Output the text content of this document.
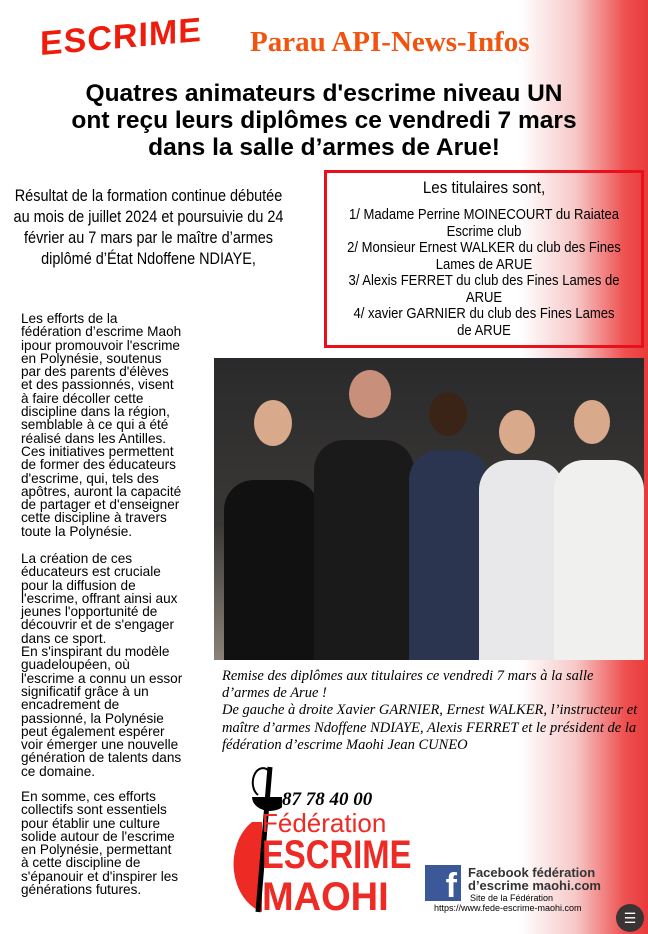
ESCRIME Parau API-News-Infos
Quatres animateurs d'escrime niveau UN
ont reçu leurs diplômes ce vendredi 7 mars
dans la salle d’armes de Arue!
Résultat de la formation continue débutée
au mois de juillet 2024 et poursuivie du 24
février au 7 mars par le maître d’armes
diplômé d’État Ndoffene NDIAYE,
Les titulaires sont,
1/ Madame Perrine MOINECOURT du Raiatea
Escrime club
2/ Monsieur Ernest WALKER du club des Fines
Lames de ARUE
3/ Alexis FERRET du club des Fines Lames de
ARUE
4/ xavier GARNIER du club des Fines Lames
de ARUE
Les efforts de la
fédération d’escrime Maoh
ipour promouvoir l'escrime
en Polynésie, soutenus
par des parents d'élèves
et des passionnés, visent
à faire décoller cette
discipline dans la région,
semblable à ce qui a été
réalisé dans les Antilles.
Ces initiatives permettent
de former des éducateurs
d'escrime, qui, tels des
apôtres, auront la capacité
de partager et d'enseigner
cette discipline à travers
toute la Polynésie.
La création de ces
éducateurs est cruciale
pour la diffusion de
l'escrime, offrant ainsi aux
jeunes l'opportunité de
découvrir et de s'engager
dans ce sport.
En s'inspirant du modèle
guadeloupéen, où
l'escrime a connu un essor
significatif grâce à un
encadrement de
passionné, la Polynésie
peut également espérer
voir émerger une nouvelle
génération de talents dans
ce domaine.
En somme, ces efforts
collectifs sont essentiels
pour établir une culture
solide autour de l'escrime
en Polynésie, permettant
à cette discipline de
s'épanouir et d'inspirer les
générations futures.
Remise des diplômes aux titulaires ce vendredi 7 mars à la salle
d’armes de Arue !
De gauche à droite Xavier GARNIER, Ernest WALKER, l’instructeur et
maître d’armes Ndoffene NDIAYE, Alexis FERRET et le président de la
fédération d’escrime Maohi Jean CUNEO
87 78 40 00
Fédération
ESCRIME
MAOHI	f Facebook fédération
d’escrime maohi.com
Site de la Fédération
https://www.fede-escrime-maohi.com
☰
